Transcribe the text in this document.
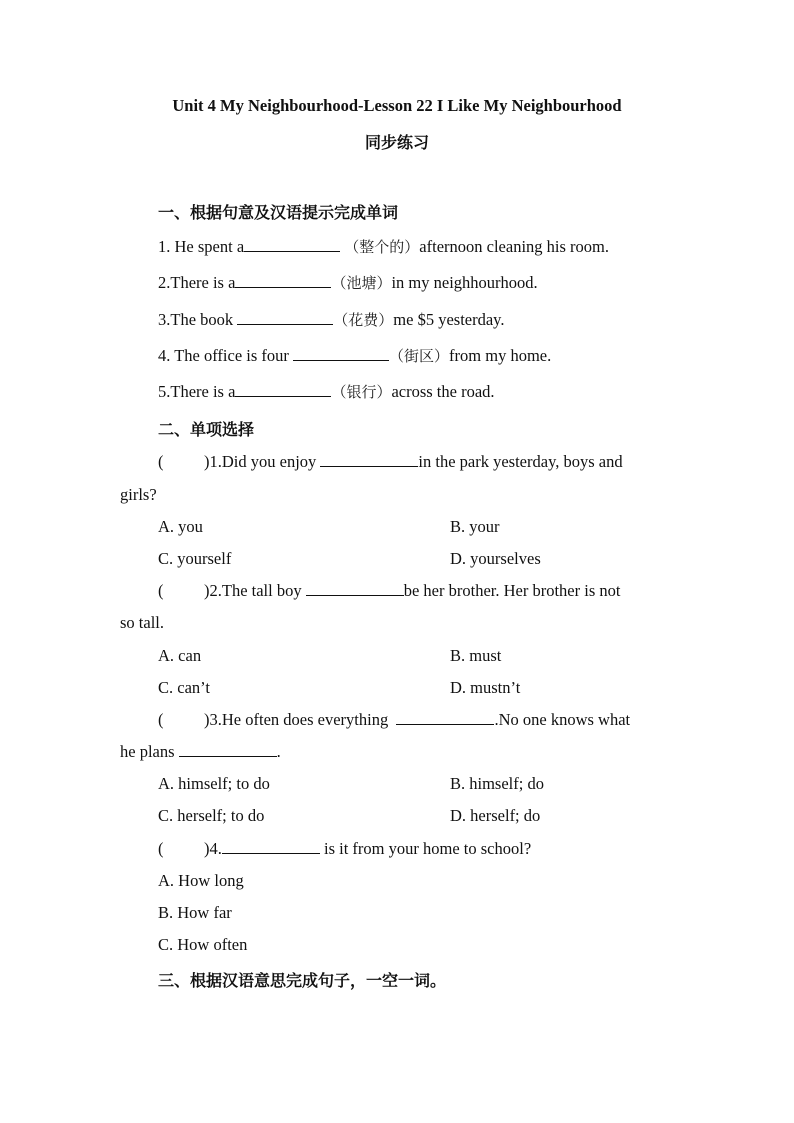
Unit 4 My Neighbourhood-Lesson 22 I Like My Neighbourhood
同步练习
一、根据句意及汉语提示完成单词
1. He spent a	（整个的）afternoon cleaning his room.
2.There is a	（池塘）in my neighhourhood.
3.The book	（花费）me $5 yesterday.
4. The office is four	（街区）from my home.
5.There is a	（银行）across the road.
二、单项选择
( )1.Did you enjoy	in the park yesterday, boys and
girls?
A. you	B. your
C. yourself	D. yourselves
( )2.The tall boy	be her brother. Her brother is not
so tall.
A. can	B. must
C. can’t	D. mustn’t
( )3.He often does everything	.No one knows what
he plans	.
A. himself; to do	B. himself; do
C. herself; to do	D. herself; do
( )4.	is it from your home to school?
A. How long
B. How far
C. How often
三、根据汉语意思完成句子，一空一词。
